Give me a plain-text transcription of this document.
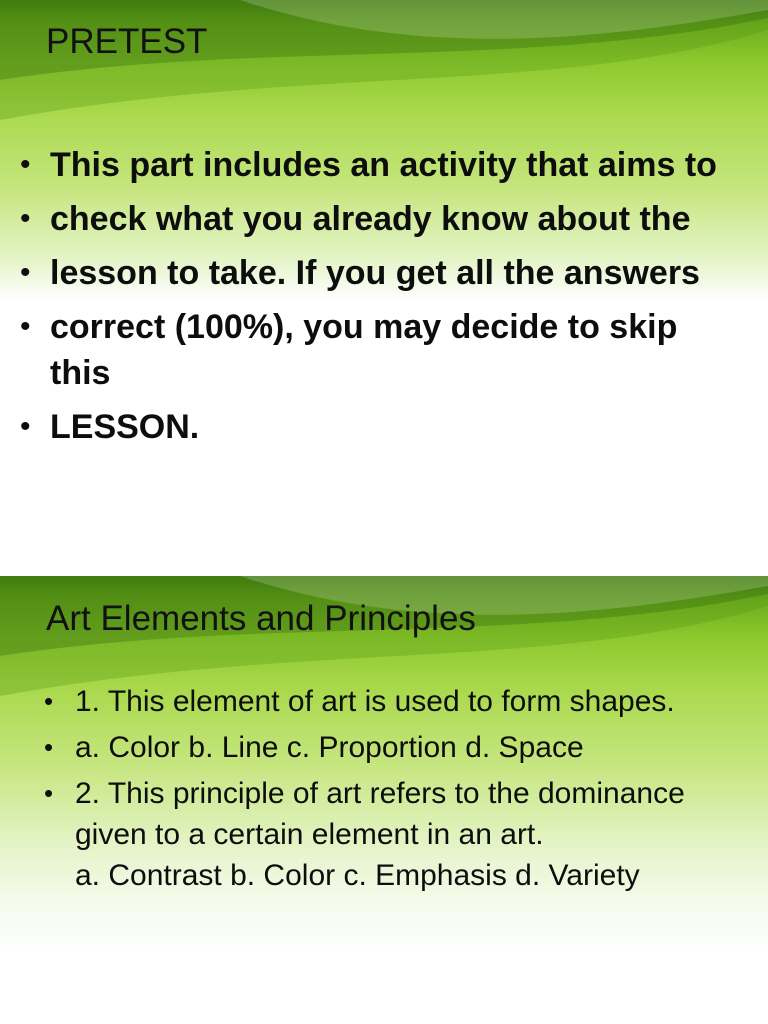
PRETEST
• This part includes an activity that aims to
• check what you already know about the
• lesson to take. If you get all the answers
• correct (100%), you may decide to skip this
• LESSON.
Art Elements and Principles
• 1. This element of art is used to form shapes.
• a. Color b. Line c. Proportion d. Space
• 2. This principle of art refers to the dominance given to a certain element in an art.
a. Contrast b. Color c. Emphasis d. Variety
